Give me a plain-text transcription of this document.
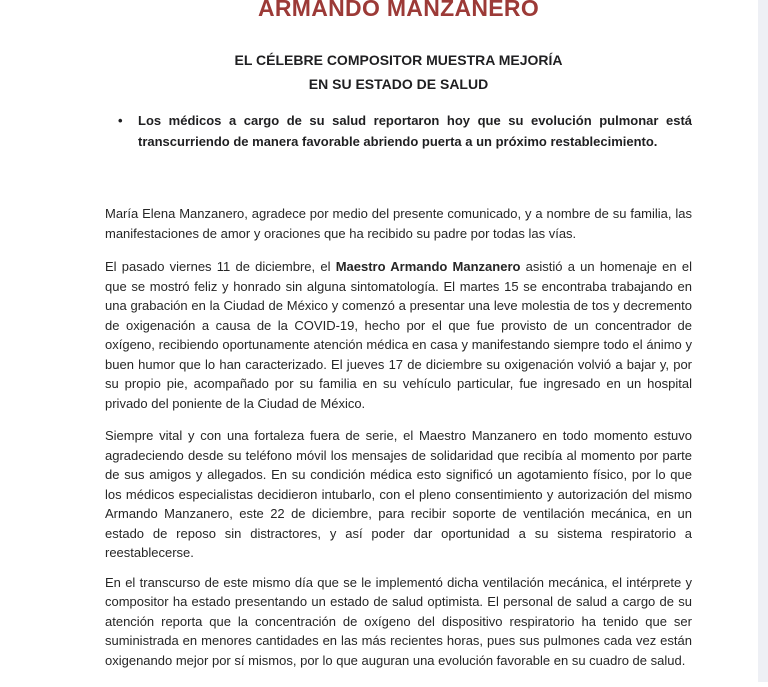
ARMANDO MANZANERO
EL CÉLEBRE COMPOSITOR MUESTRA MEJORÍA
EN SU ESTADO DE SALUD
•	Los médicos a cargo de su salud reportaron hoy que su evolución pulmonar está transcurriendo de manera favorable abriendo puerta a un próximo restablecimiento.

María Elena Manzanero, agradece por medio del presente comunicado, y a nombre de su familia, las manifestaciones de amor y oraciones que ha recibido su padre por todas las vías.

El pasado viernes 11 de diciembre, el Maestro Armando Manzanero asistió a un homenaje en el que se mostró feliz y honrado sin alguna sintomatología. El martes 15 se encontraba trabajando en una grabación en la Ciudad de México y comenzó a presentar una leve molestia de tos y decremento de oxigenación a causa de la COVID-19, hecho por el que fue provisto de un concentrador de oxígeno, recibiendo oportunamente atención médica en casa y manifestando siempre todo el ánimo y buen humor que lo han caracterizado. El jueves 17 de diciembre su oxigenación volvió a bajar y, por su propio pie, acompañado por su familia en su vehículo particular, fue ingresado en un hospital privado del poniente de la Ciudad de México.

Siempre vital y con una fortaleza fuera de serie, el Maestro Manzanero en todo momento estuvo agradeciendo desde su teléfono móvil los mensajes de solidaridad que recibía al momento por parte de sus amigos y allegados. En su condición médica esto significó un agotamiento físico, por lo que los médicos especialistas decidieron intubarlo, con el pleno consentimiento y autorización del mismo Armando Manzanero, este 22 de diciembre, para recibir soporte de ventilación mecánica, en un estado de reposo sin distractores, y así poder dar oportunidad a su sistema respiratorio a reestablecerse.

En el transcurso de este mismo día que se le implementó dicha ventilación mecánica, el intérprete y compositor ha estado presentando un estado de salud optimista. El personal de salud a cargo de su atención reporta que la concentración de oxígeno del dispositivo respiratorio ha tenido que ser suministrada en menores cantidades en las más recientes horas, pues sus pulmones cada vez están oxigenando mejor por sí mismos, por lo que auguran una evolución favorable en su cuadro de salud.
